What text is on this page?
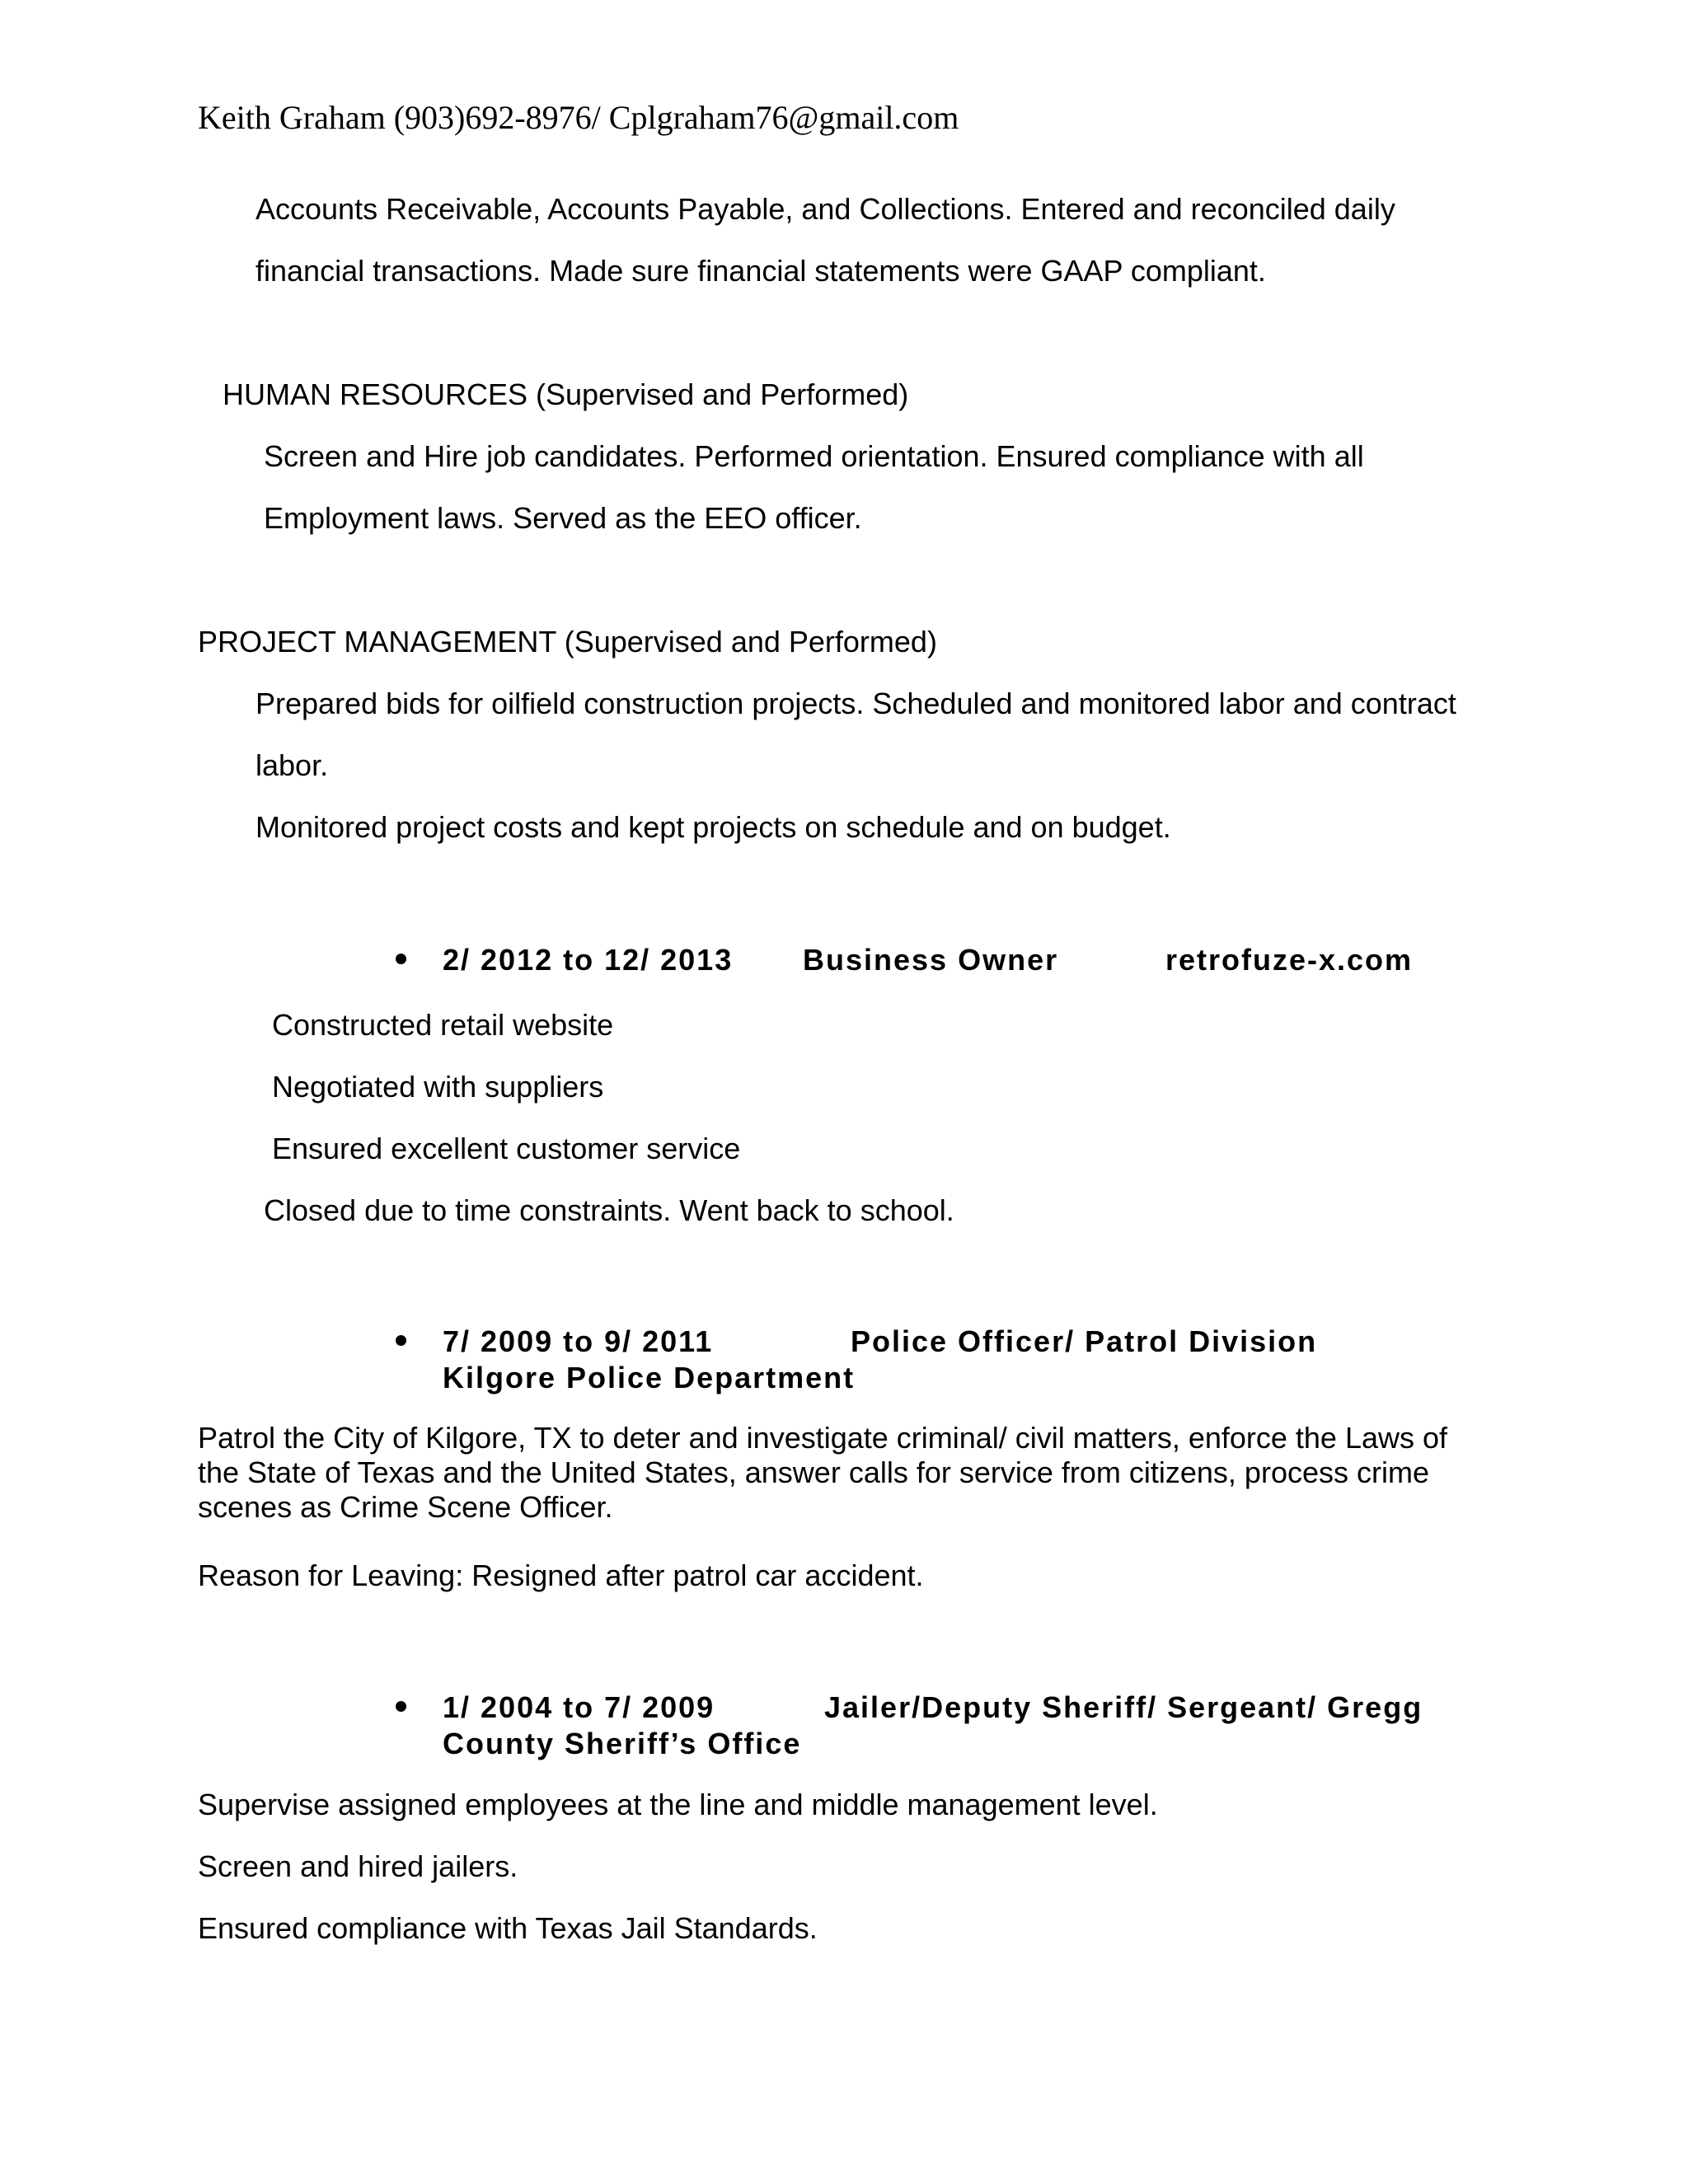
Keith Graham (903)692-8976/ Cplgraham76@gmail.com
Accounts Receivable, Accounts Payable, and Collections. Entered and reconciled daily
financial transactions. Made sure financial statements were GAAP compliant.
HUMAN RESOURCES (Supervised and Performed)
Screen and Hire job candidates. Performed orientation. Ensured compliance with all
Employment laws. Served as the EEO officer.
PROJECT MANAGEMENT (Supervised and Performed)
Prepared bids for oilfield construction projects. Scheduled and monitored labor and contract
labor.
Monitored project costs and kept projects on schedule and on budget.
2/ 2012 to 12/ 2013 Business Owner	retrofuze-x.com
Constructed retail website
Negotiated with suppliers
Ensured excellent customer service
Closed due to time constraints. Went back to school.
7/ 2009 to 9/ 2011	Police Officer/ Patrol Division
Kilgore Police Department
Patrol the City of Kilgore, TX to deter and investigate criminal/ civil matters, enforce the Laws of the State of Texas and the United States, answer calls for service from citizens, process crime scenes as Crime Scene Officer.
Reason for Leaving: Resigned after patrol car accident.
1/ 2004 to 7/ 2009	Jailer/Deputy Sheriff/ Sergeant/ Gregg
County Sheriff’s Office
Supervise assigned employees at the line and middle management level.
Screen and hired jailers.
Ensured compliance with Texas Jail Standards.
